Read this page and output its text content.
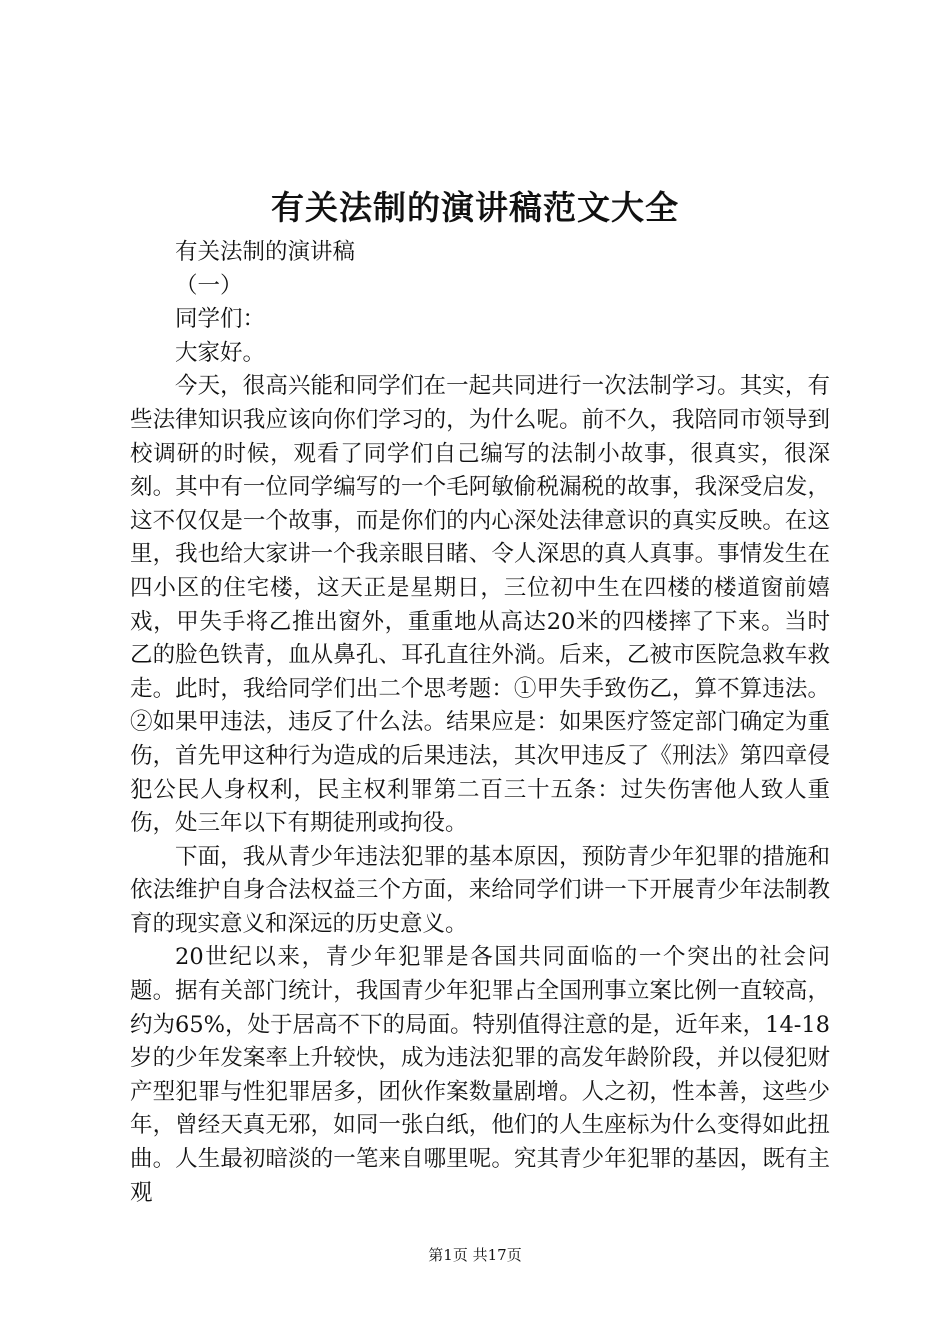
有关法制的演讲稿范文大全

有关法制的演讲稿

（一）

同学们：

大家好。

今天，很高兴能和同学们在一起共同进行一次法制学习。其实，有些法律知识我应该向你们学习的，为什么呢。前不久，我陪同市领导到校调研的时候，观看了同学们自己编写的法制小故事，很真实，很深刻。其中有一位同学编写的一个毛阿敏偷税漏税的故事，我深受启发，这不仅仅是一个故事，而是你们的内心深处法律意识的真实反映。在这里，我也给大家讲一个我亲眼目睹、令人深思的真人真事。事情发生在四小区的住宅楼，这天正是星期日，三位初中生在四楼的楼道窗前嬉戏，甲失手将乙推出窗外，重重地从高达20米的四楼摔了下来。当时乙的脸色铁青，血从鼻孔、耳孔直往外淌。后来，乙被市医院急救车救走。此时，我给同学们出二个思考题：①甲失手致伤乙，算不算违法。②如果甲违法，违反了什么法。结果应是：如果医疗签定部门确定为重伤，首先甲这种行为造成的后果违法，其次甲违反了《刑法》第四章侵犯公民人身权利，民主权利罪第二百三十五条：过失伤害他人致人重伤，处三年以下有期徒刑或拘役。

下面，我从青少年违法犯罪的基本原因，预防青少年犯罪的措施和依法维护自身合法权益三个方面，来给同学们讲一下开展青少年法制教育的现实意义和深远的历史意义。

20世纪以来，青少年犯罪是各国共同面临的一个突出的社会问题。据有关部门统计，我国青少年犯罪占全国刑事立案比例一直较高，约为65%，处于居高不下的局面。特别值得注意的是，近年来，14-18岁的少年发案率上升较快，成为违法犯罪的高发年龄阶段，并以侵犯财产型犯罪与性犯罪居多，团伙作案数量剧增。人之初，性本善，这些少年，曾经天真无邪，如同一张白纸，他们的人生座标为什么变得如此扭曲。人生最初暗淡的一笔来自哪里呢。究其青少年犯罪的基因，既有主观

第1页 共17页
